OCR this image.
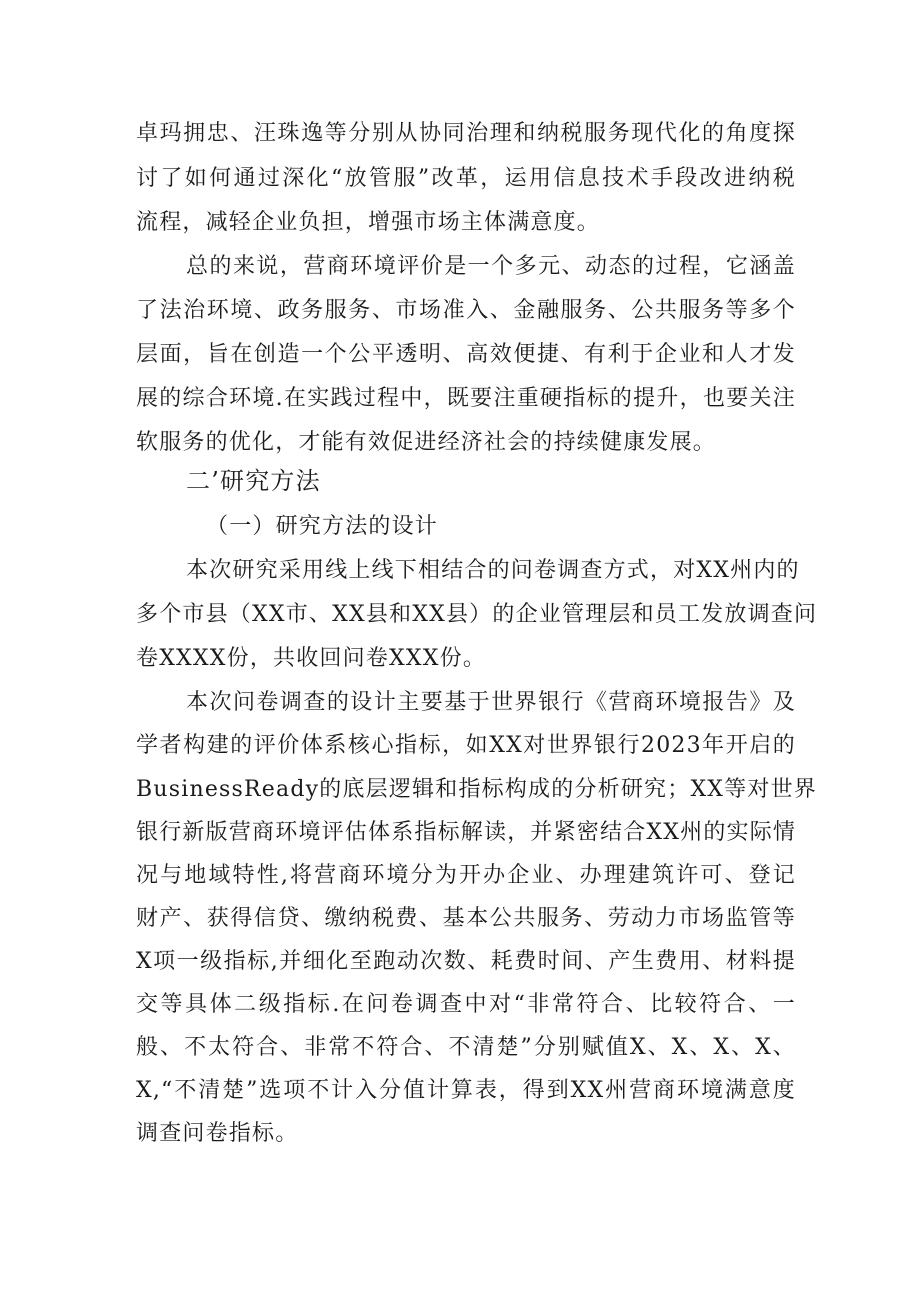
卓玛拥忠、汪珠逸等分别从协同治理和纳税服务现代化的角度探
讨了如何通过深化“放管服”改革，运用信息技术手段改进纳税
流程，减轻企业负担，增强市场主体满意度。
总的来说，营商环境评价是一个多元、动态的过程，它涵盖
了法治环境、政务服务、市场准入、金融服务、公共服务等多个
层面，旨在创造一个公平透明、高效便捷、有利于企业和人才发
展的综合环境.在实践过程中，既要注重硬指标的提升，也要关注
软服务的优化，才能有效促进经济社会的持续健康发展。
二’研究方法
（一）研究方法的设计
本次研究采用线上线下相结合的问卷调查方式，对XX州内的
多个市县（XX市、XX县和XX县）的企业管理层和员工发放调查问
卷XXXX份，共收回问卷XXX份。
本次问卷调查的设计主要基于世界银行《营商环境报告》及
学者构建的评价体系核心指标，如XX对世界银行2023年开启的
BusinessReady的底层逻辑和指标构成的分析研究；XX等对世界
银行新版营商环境评估体系指标解读，并紧密结合XX州的实际情
况与地域特性,将营商环境分为开办企业、办理建筑许可、登记
财产、获得信贷、缴纳税费、基本公共服务、劳动力市场监管等
X项一级指标,并细化至跑动次数、耗费时间、产生费用、材料提
交等具体二级指标.在问卷调查中对“非常符合、比较符合、一
般、不太符合、非常不符合、不清楚”分别赋值X、X、X、X、
X,“不清楚”选项不计入分值计算表，得到XX州营商环境满意度
调查问卷指标。
